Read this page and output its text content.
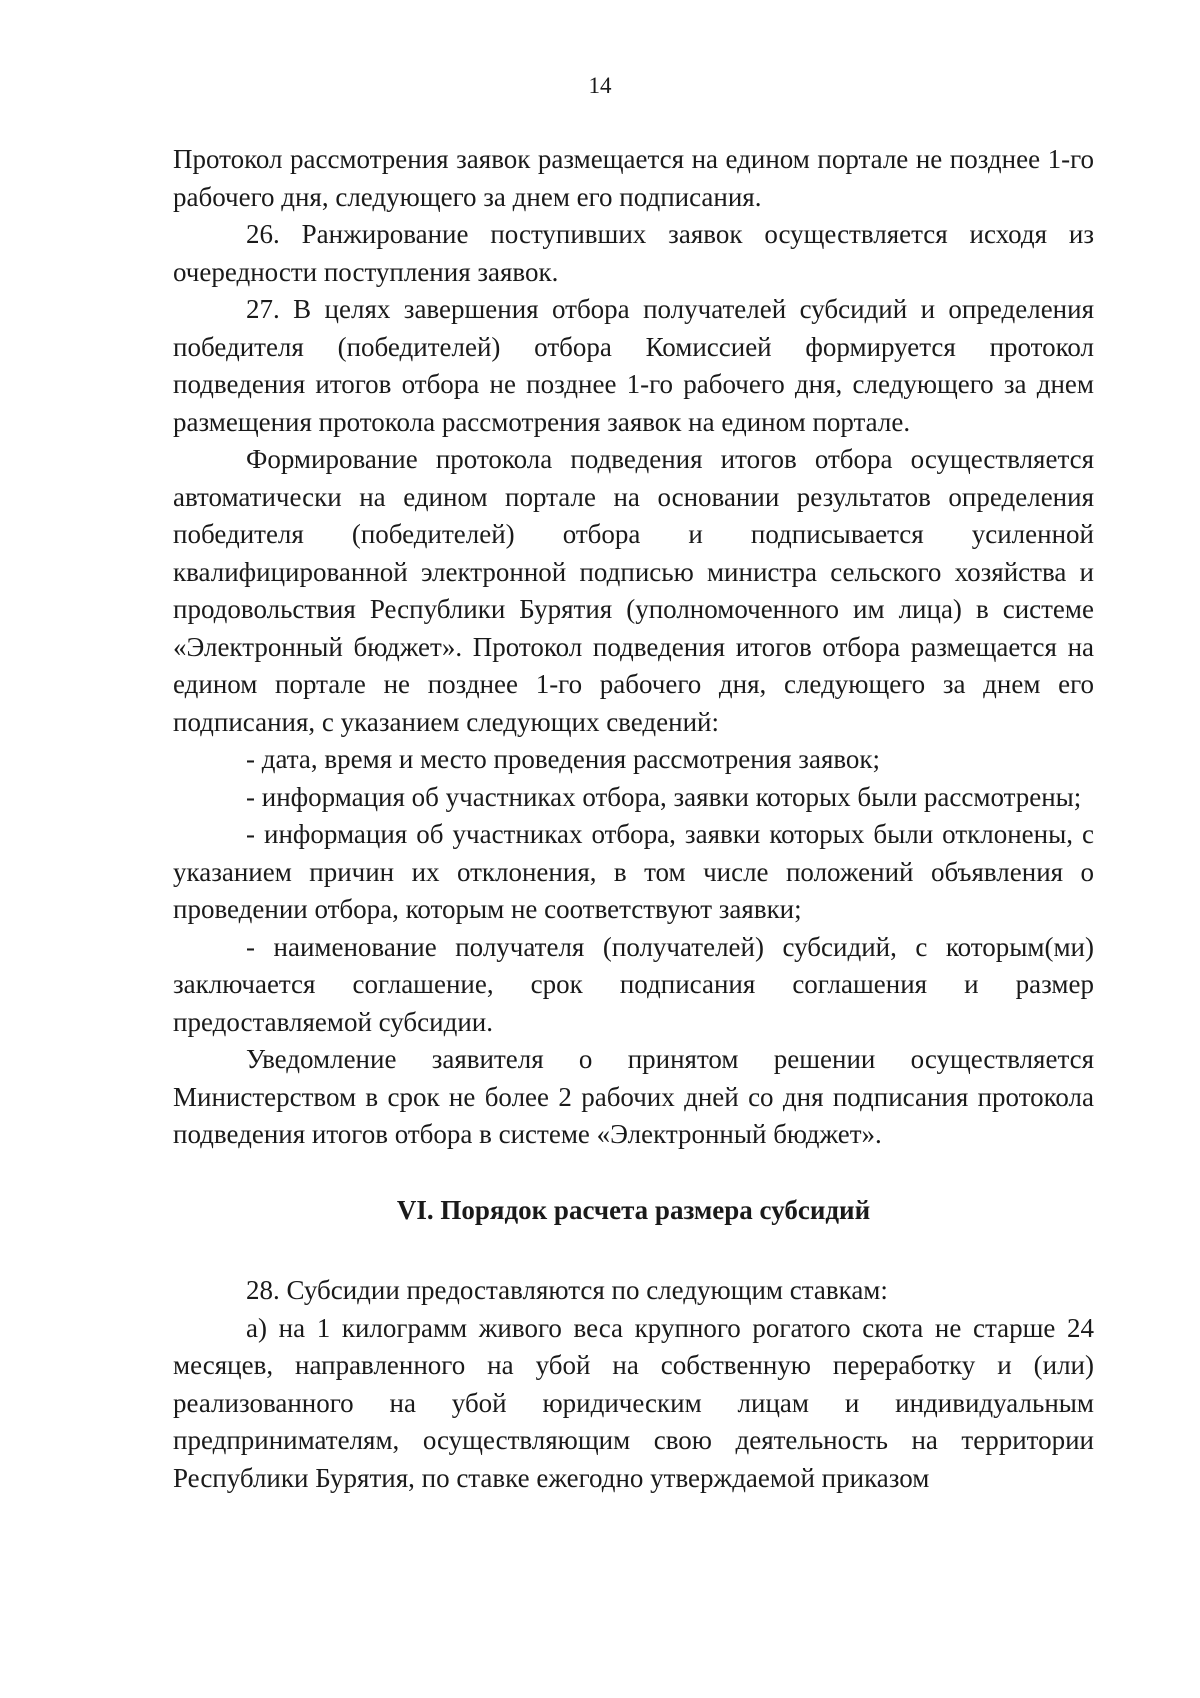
14

Протокол рассмотрения заявок размещается на едином портале не позднее 1-го рабочего дня, следующего за днем его подписания.

26. Ранжирование поступивших заявок осуществляется исходя из очередности поступления заявок.

27. В целях завершения отбора получателей субсидий и определения победителя (победителей) отбора Комиссией формируется протокол подведения итогов отбора не позднее 1-го рабочего дня, следующего за днем размещения протокола рассмотрения заявок на едином портале.

Формирование протокола подведения итогов отбора осуществляется автоматически на едином портале на основании результатов определения победителя (победителей) отбора и подписывается усиленной квалифицированной электронной подписью министра сельского хозяйства и продовольствия Республики Бурятия (уполномоченного им лица) в системе «Электронный бюджет». Протокол подведения итогов отбора размещается на едином портале не позднее 1-го рабочего дня, следующего за днем его подписания, с указанием следующих сведений:

- дата, время и место проведения рассмотрения заявок;

- информация об участниках отбора, заявки которых были рассмотрены;

- информация об участниках отбора, заявки которых были отклонены, с указанием причин их отклонения, в том числе положений объявления о проведении отбора, которым не соответствуют заявки;

- наименование получателя (получателей) субсидий, с которым(ми) заключается соглашение, срок подписания соглашения и размер предоставляемой субсидии.

Уведомление заявителя о принятом решении осуществляется Министерством в срок не более 2 рабочих дней со дня подписания протокола подведения итогов отбора в системе «Электронный бюджет».

VI. Порядок расчета размера субсидий

28. Субсидии предоставляются по следующим ставкам:

а) на 1 килограмм живого веса крупного рогатого скота не старше 24 месяцев, направленного на убой на собственную переработку и (или) реализованного на убой юридическим лицам и индивидуальным предпринимателям, осуществляющим свою деятельность на территории Республики Бурятия, по ставке ежегодно утверждаемой приказом
